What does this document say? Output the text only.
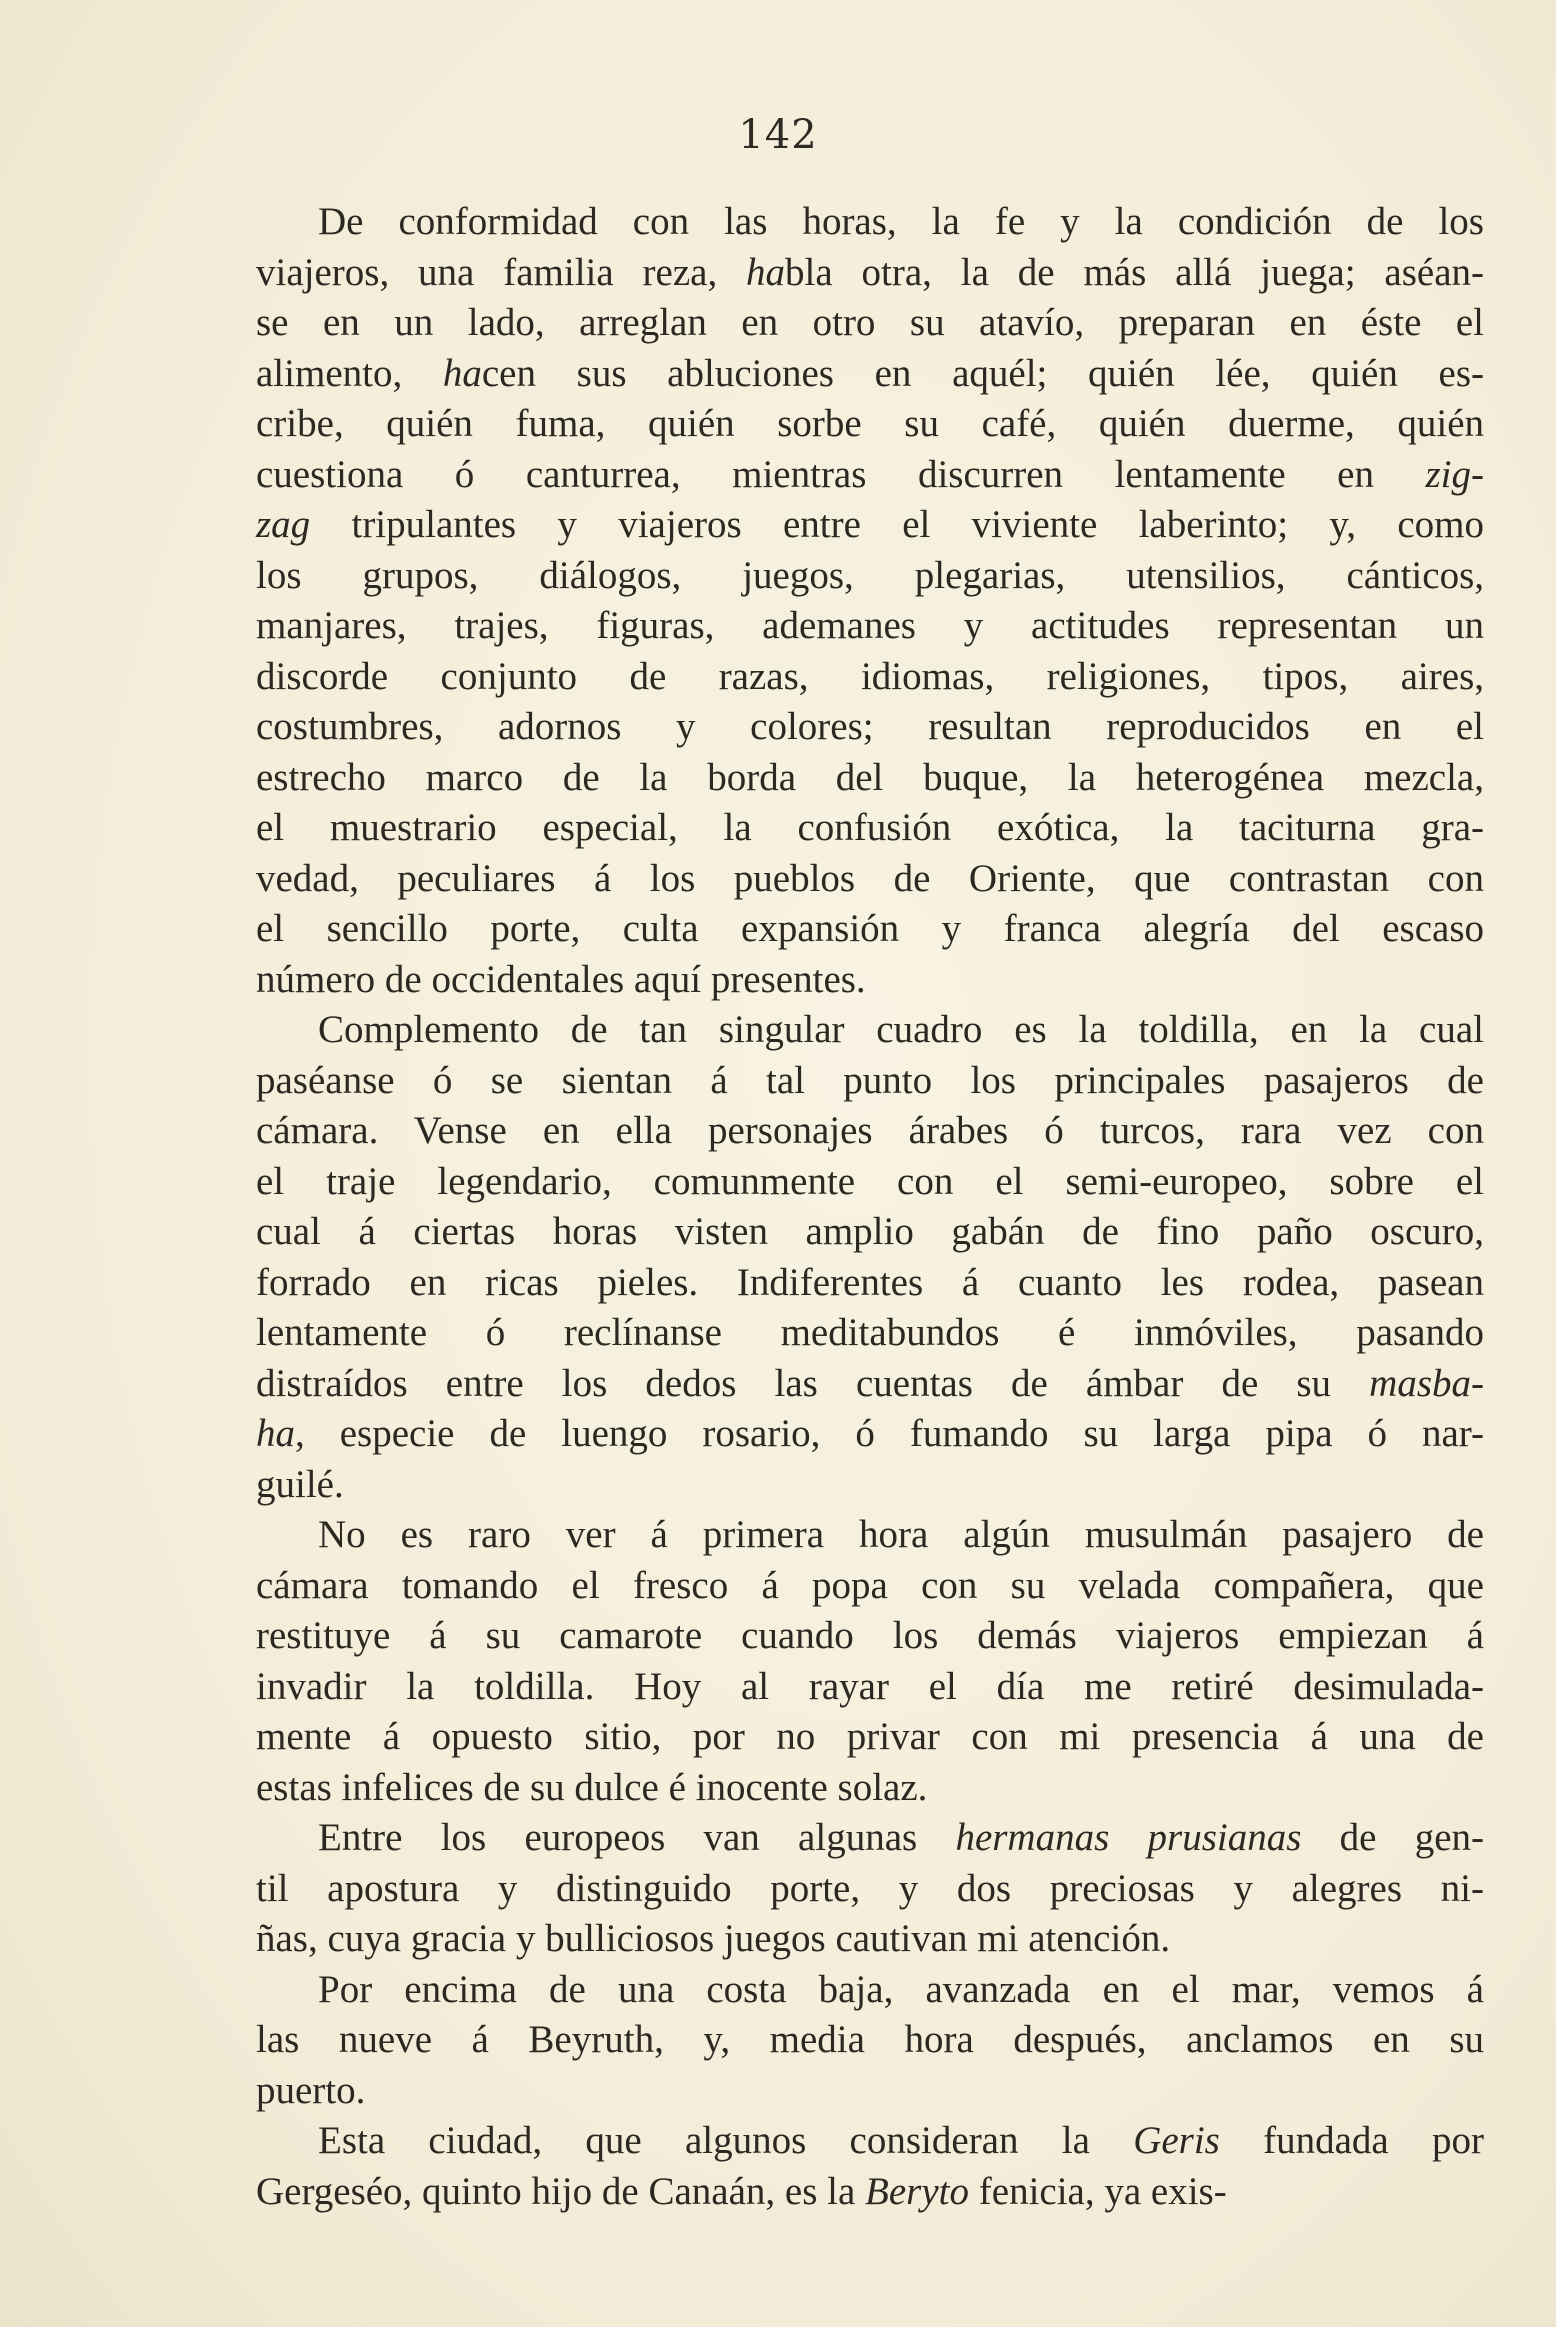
142
De conformidad con las horas, la fe y la condición de los
viajeros, una familia reza, habla otra, la de más allá juega; aséan-
se en un lado, arreglan en otro su atavío, preparan en éste el
alimento, hacen sus abluciones en aquél; quién lée, quién es-
cribe, quién fuma, quién sorbe su café, quién duerme, quién
cuestiona ó canturrea, mientras discurren lentamente en zig-
zag tripulantes y viajeros entre el viviente laberinto; y, como
los grupos, diálogos, juegos, plegarias, utensilios, cánticos,
manjares, trajes, figuras, ademanes y actitudes representan un
discorde conjunto de razas, idiomas, religiones, tipos, aires,
costumbres, adornos y colores; resultan reproducidos en el
estrecho marco de la borda del buque, la heterogénea mezcla,
el muestrario especial, la confusión exótica, la taciturna gra-
vedad, peculiares á los pueblos de Oriente, que contrastan con
el sencillo porte, culta expansión y franca alegría del escaso
número de occidentales aquí presentes.
Complemento de tan singular cuadro es la toldilla, en la cual
paséanse ó se sientan á tal punto los principales pasajeros de
cámara. Vense en ella personajes árabes ó turcos, rara vez con
el traje legendario, comunmente con el semi-europeo, sobre el
cual á ciertas horas visten amplio gabán de fino paño oscuro,
forrado en ricas pieles. Indiferentes á cuanto les rodea, pasean
lentamente ó reclínanse meditabundos é inmóviles, pasando
distraídos entre los dedos las cuentas de ámbar de su masba-
ha, especie de luengo rosario, ó fumando su larga pipa ó nar-
guilé.
No es raro ver á primera hora algún musulmán pasajero de
cámara tomando el fresco á popa con su velada compañera, que
restituye á su camarote cuando los demás viajeros empiezan á
invadir la toldilla. Hoy al rayar el día me retiré desimulada-
mente á opuesto sitio, por no privar con mi presencia á una de
estas infelices de su dulce é inocente solaz.
Entre los europeos van algunas hermanas prusianas de gen-
til apostura y distinguido porte, y dos preciosas y alegres ni-
ñas, cuya gracia y bulliciosos juegos cautivan mi atención.
Por encima de una costa baja, avanzada en el mar, vemos á
las nueve á Beyruth, y, media hora después, anclamos en su
puerto.
Esta ciudad, que algunos consideran la Geris fundada por
Gergeséo, quinto hijo de Canaán, es la Beryto fenicia, ya exis-
